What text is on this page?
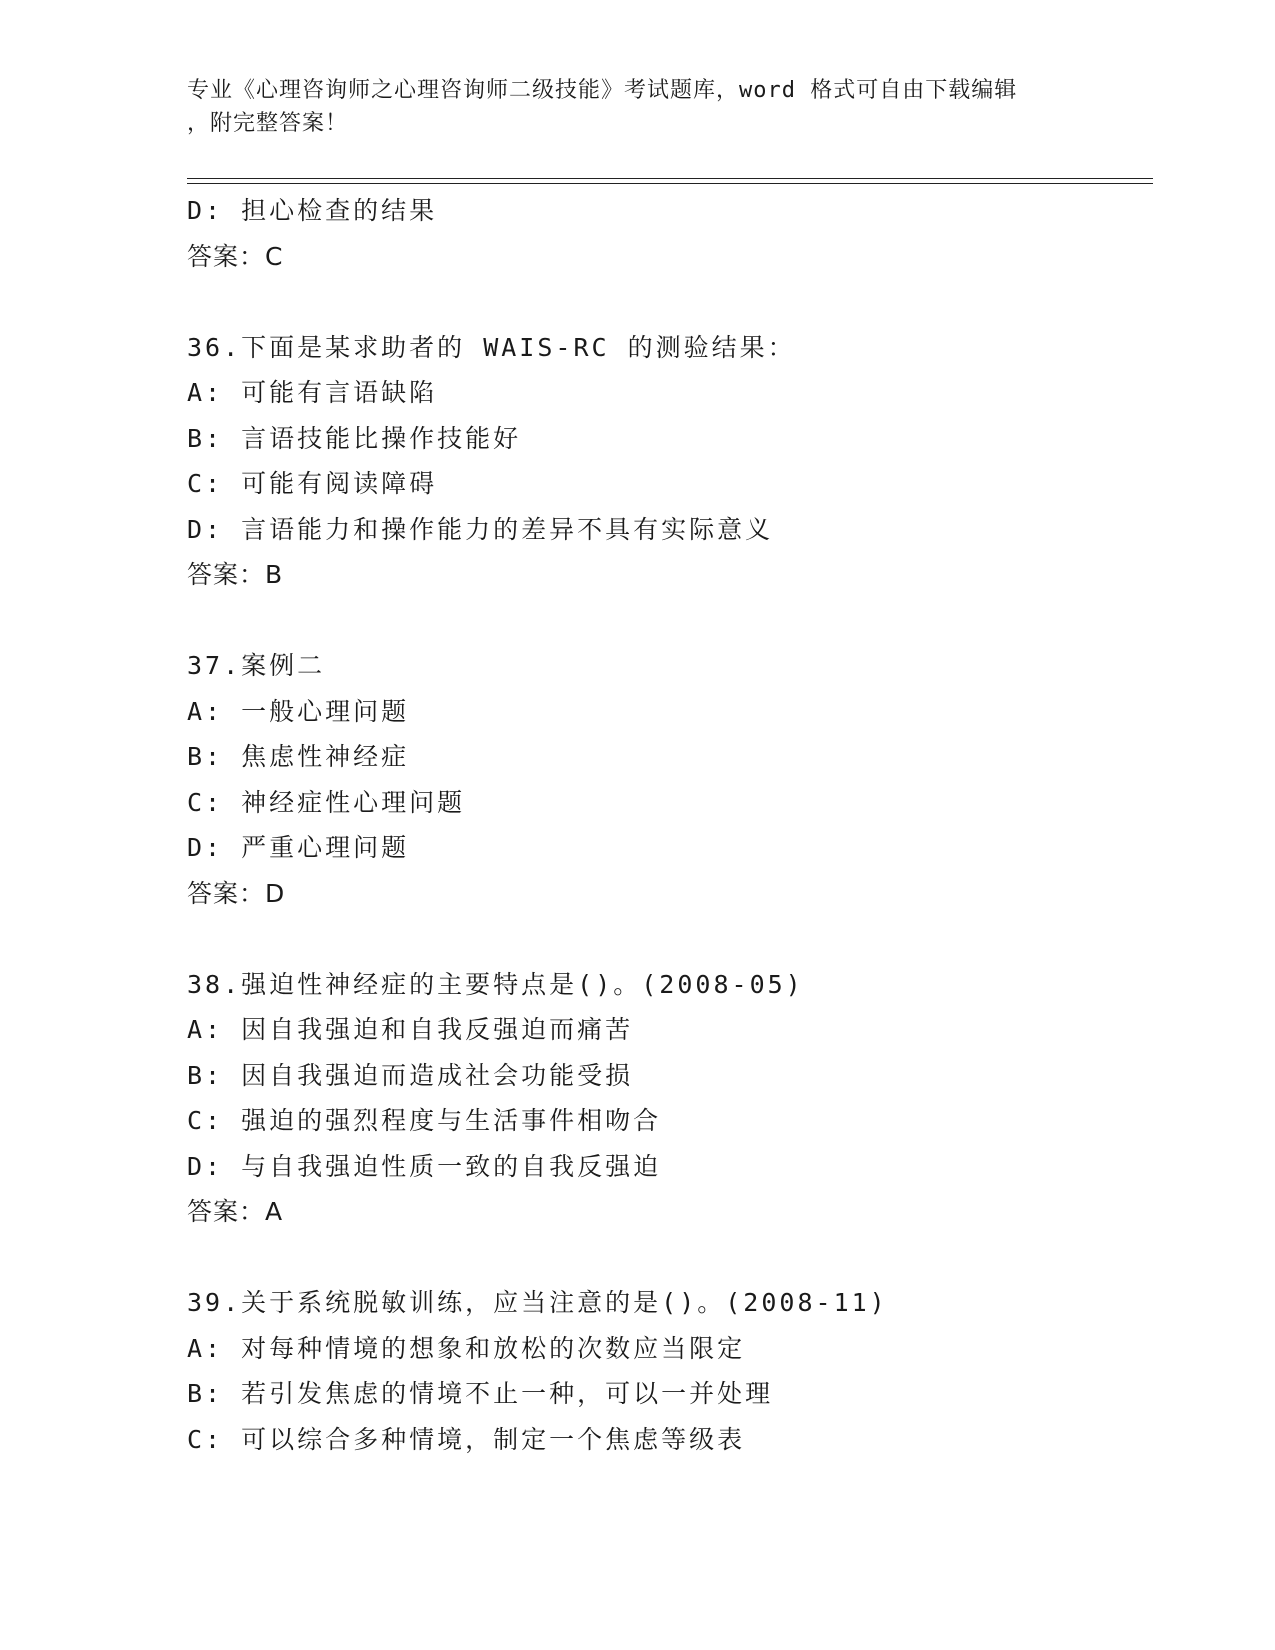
专业《心理咨询师之心理咨询师二级技能》考试题库，word 格式可自由下载编辑
，附完整答案！
D: 担心检查的结果
答案：C
36.下面是某求助者的 WAIS-RC 的测验结果：
A: 可能有言语缺陷
B: 言语技能比操作技能好
C: 可能有阅读障碍
D: 言语能力和操作能力的差异不具有实际意义
答案：B
37.案例二
A: 一般心理问题
B: 焦虑性神经症
C: 神经症性心理问题
D: 严重心理问题
答案：D
38.强迫性神经症的主要特点是()。(2008-05)
A: 因自我强迫和自我反强迫而痛苦
B: 因自我强迫而造成社会功能受损
C: 强迫的强烈程度与生活事件相吻合
D: 与自我强迫性质一致的自我反强迫
答案：A
39.关于系统脱敏训练，应当注意的是()。(2008-11)
A: 对每种情境的想象和放松的次数应当限定
B: 若引发焦虑的情境不止一种，可以一并处理
C: 可以综合多种情境，制定一个焦虑等级表
